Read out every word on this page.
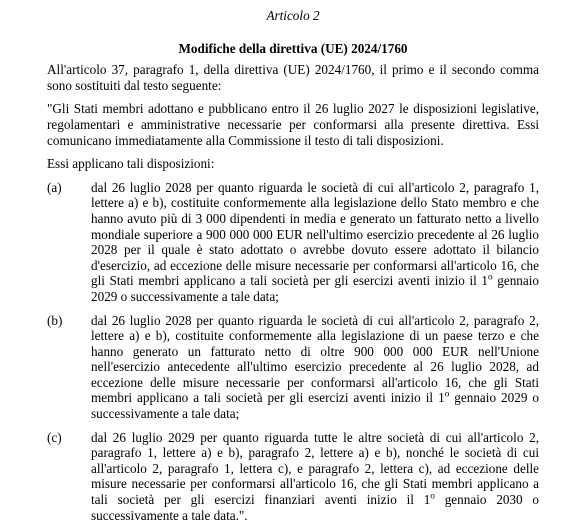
Articolo 2
Modifiche della direttiva (UE) 2024/1760

All'articolo 37, paragrafo 1, della direttiva (UE) 2024/1760, il primo e il secondo comma sono sostituiti dal testo seguente:

"Gli Stati membri adottano e pubblicano entro il 26 luglio 2027 le disposizioni legislative, regolamentari e amministrative necessarie per conformarsi alla presente direttiva. Essi comunicano immediatamente alla Commissione il testo di tali disposizioni.

Essi applicano tali disposizioni:

(a)	dal 26 luglio 2028 per quanto riguarda le società di cui all'articolo 2, paragrafo 1, lettere a) e b), costituite conformemente alla legislazione dello Stato membro e che hanno avuto più di 3 000 dipendenti in media e generato un fatturato netto a livello mondiale superiore a 900 000 000 EUR nell'ultimo esercizio precedente al 26 luglio 2028 per il quale è stato adottato o avrebbe dovuto essere adottato il bilancio d'esercizio, ad eccezione delle misure necessarie per conformarsi all'articolo 16, che gli Stati membri applicano a tali società per gli esercizi aventi inizio il 1$^o$ gennaio 2029 o successivamente a tale data;
(b)	dal 26 luglio 2028 per quanto riguarda le società di cui all'articolo 2, paragrafo 2, lettere a) e b), costituite conformemente alla legislazione di un paese terzo e che hanno generato un fatturato netto di oltre 900 000 000 EUR nell'Unione nell'esercizio antecedente all'ultimo esercizio precedente al 26 luglio 2028, ad eccezione delle misure necessarie per conformarsi all'articolo 16, che gli Stati membri applicano a tali società per gli esercizi aventi inizio il 1$^o$ gennaio 2029 o successivamente a tale data;
(c)	dal 26 luglio 2029 per quanto riguarda tutte le altre società di cui all'articolo 2, paragrafo 1, lettere a) e b), paragrafo 2, lettere a) e b), nonché le società di cui all'articolo 2, paragrafo 1, lettera c), e paragrafo 2, lettera c), ad eccezione delle misure necessarie per conformarsi all'articolo 16, che gli Stati membri applicano a tali società per gli esercizi finanziari aventi inizio il 1$^o$ gennaio 2030 o successivamente a tale data.".
